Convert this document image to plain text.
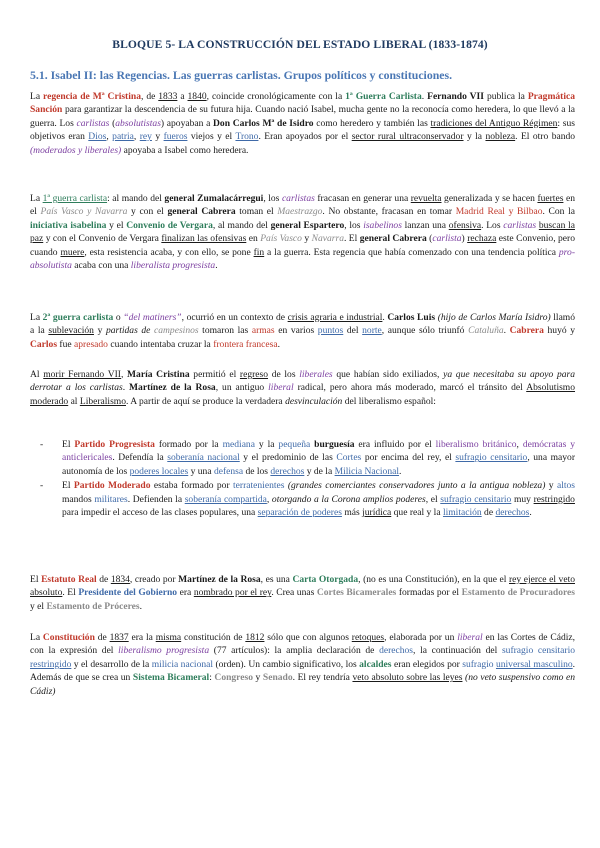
BLOQUE 5- LA CONSTRUCCIÓN DEL ESTADO LIBERAL (1833-1874)
5.1. Isabel II: las Regencias. Las guerras carlistas. Grupos políticos y constituciones.

La regencia de Mª Cristina, de 1833 a 1840, coincide cronológicamente con la 1ª Guerra Carlista. Fernando VII publica la Pragmática Sanción para garantizar la descendencia de su futura hija. Cuando nació Isabel, mucha gente no la reconocía como heredera, lo que llevó a la guerra. Los carlistas (absolutistas) apoyaban a Don Carlos Mª de Isidro como heredero y también las tradiciones del Antiguo Régimen: sus objetivos eran Dios, patria, rey y fueros viejos y el Trono. Eran apoyados por el sector rural ultraconservador y la nobleza. El otro bando (moderados y liberales) apoyaba a Isabel como heredera.

La 1ª guerra carlista: al mando del general Zumalacárregui, los carlistas fracasan en generar una revuelta generalizada y se hacen fuertes en el País Vasco y Navarra y con el general Cabrera toman el Maestrazgo. No obstante, fracasan en tomar Madrid Real y Bilbao. Con la iniciativa isabelina y el Convenio de Vergara, al mando del general Espartero, los isabelinos lanzan una ofensiva. Los carlistas buscan la paz y con el Convenio de Vergara finalizan las ofensivas en País Vasco y Navarra. El general Cabrera (carlista) rechaza este Convenio, pero cuando muere, esta resistencia acaba, y con ello, se pone fin a la guerra. Esta regencia que había comenzado con una tendencia política pro-absolutista acaba con una liberalista progresista.

La 2ª guerra carlista o “del matiners”, ocurrió en un contexto de crisis agraria e industrial. Carlos Luis (hijo de Carlos María Isidro) llamó a la sublevación y partidas de campesinos tomaron las armas en varios puntos del norte, aunque sólo triunfó Cataluña. Cabrera huyó y Carlos fue apresado cuando intentaba cruzar la frontera francesa.

Al morir Fernando VII, María Cristina permitió el regreso de los liberales que habían sido exiliados, ya que necesitaba su apoyo para derrotar a los carlistas. Martínez de la Rosa, un antiguo liberal radical, pero ahora más moderado, marcó el tránsito del Absolutismo moderado al Liberalismo. A partir de aquí se produce la verdadera desvinculación del liberalismo español:

- El Partido Progresista formado por la mediana y la pequeña burguesía era influido por el liberalismo británico, demócratas y anticlericales. Defendía la soberanía nacional y el predominio de las Cortes por encima del rey, el sufragio censitario, una mayor autonomía de los poderes locales y una defensa de los derechos y de la Milicia Nacional.
- El Partido Moderado estaba formado por terratenientes (grandes comerciantes conservadores junto a la antigua nobleza) y altos mandos militares. Defienden la soberanía compartida, otorgando a la Corona amplios poderes, el sufragio censitario muy restringido para impedir el acceso de las clases populares, una separación de poderes más jurídica que real y la limitación de derechos.

El Estatuto Real de 1834, creado por Martínez de la Rosa, es una Carta Otorgada, (no es una Constitución), en la que el rey ejerce el veto absoluto. El Presidente del Gobierno era nombrado por el rey. Crea unas Cortes Bicamerales formadas por el Estamento de Procuradores y el Estamento de Próceres.

La Constitución de 1837 era la misma constitución de 1812 sólo que con algunos retoques, elaborada por un liberal en las Cortes de Cádiz, con la expresión del liberalismo progresista (77 artículos): la amplia declaración de derechos, la continuación del sufragio censitario restringido y el desarrollo de la milicia nacional (orden). Un cambio significativo, los alcaldes eran elegidos por sufragio universal masculino. Además de que se crea un Sistema Bicameral: Congreso y Senado. El rey tendría veto absoluto sobre las leyes (no veto suspensivo como en Cádiz)
